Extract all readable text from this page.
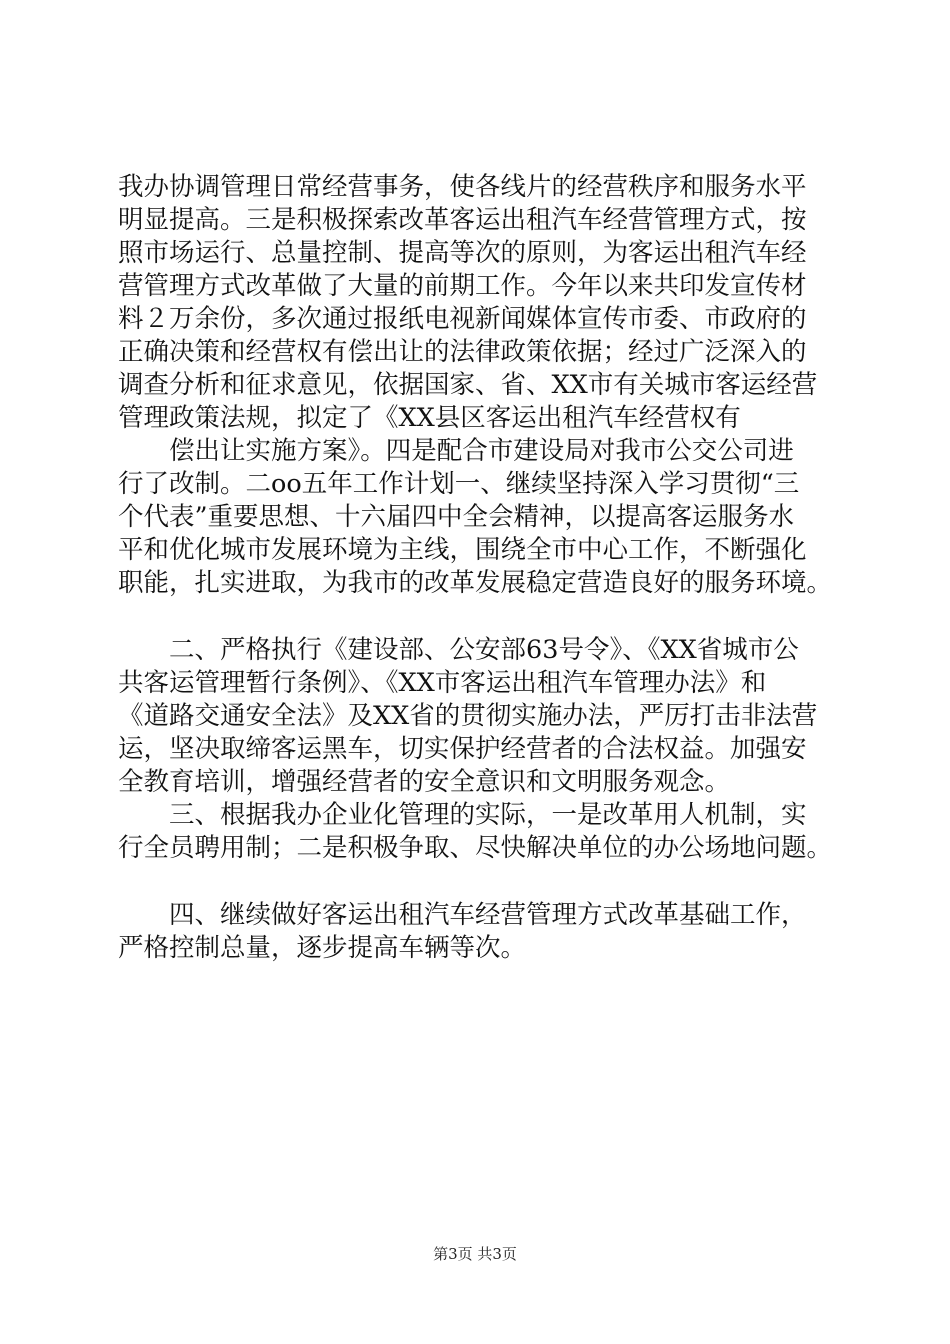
我办协调管理日常经营事务，使各线片的经营秩序和服务水平
明显提高。三是积极探索改革客运出租汽车经营管理方式，按
照市场运行、总量控制、提高等次的原则，为客运出租汽车经
营管理方式改革做了大量的前期工作。今年以来共印发宣传材
料２万余份，多次通过报纸电视新闻媒体宣传市委、市政府的
正确决策和经营权有偿出让的法律政策依据；经过广泛深入的
调查分析和征求意见，依据国家、省、XX市有关城市客运经营
管理政策法规，拟定了《XX县区客运出租汽车经营权有
偿出让实施方案》。四是配合市建设局对我市公交公司进
行了改制。二oo五年工作计划一、继续坚持深入学习贯彻“三
个代表”重要思想、十六届四中全会精神，以提高客运服务水
平和优化城市发展环境为主线，围绕全市中心工作，不断强化
职能，扎实进取，为我市的改革发展稳定营造良好的服务环境。
二、严格执行《建设部、公安部63号令》、《XX省城市公
共客运管理暂行条例》、《XX市客运出租汽车管理办法》和
《道路交通安全法》及XX省的贯彻实施办法，严厉打击非法营
运，坚决取缔客运黑车，切实保护经营者的合法权益。加强安
全教育培训，增强经营者的安全意识和文明服务观念。
三、根据我办企业化管理的实际，一是改革用人机制，实
行全员聘用制；二是积极争取、尽快解决单位的办公场地问题。
四、继续做好客运出租汽车经营管理方式改革基础工作，
严格控制总量，逐步提高车辆等次。
第3页 共3页
